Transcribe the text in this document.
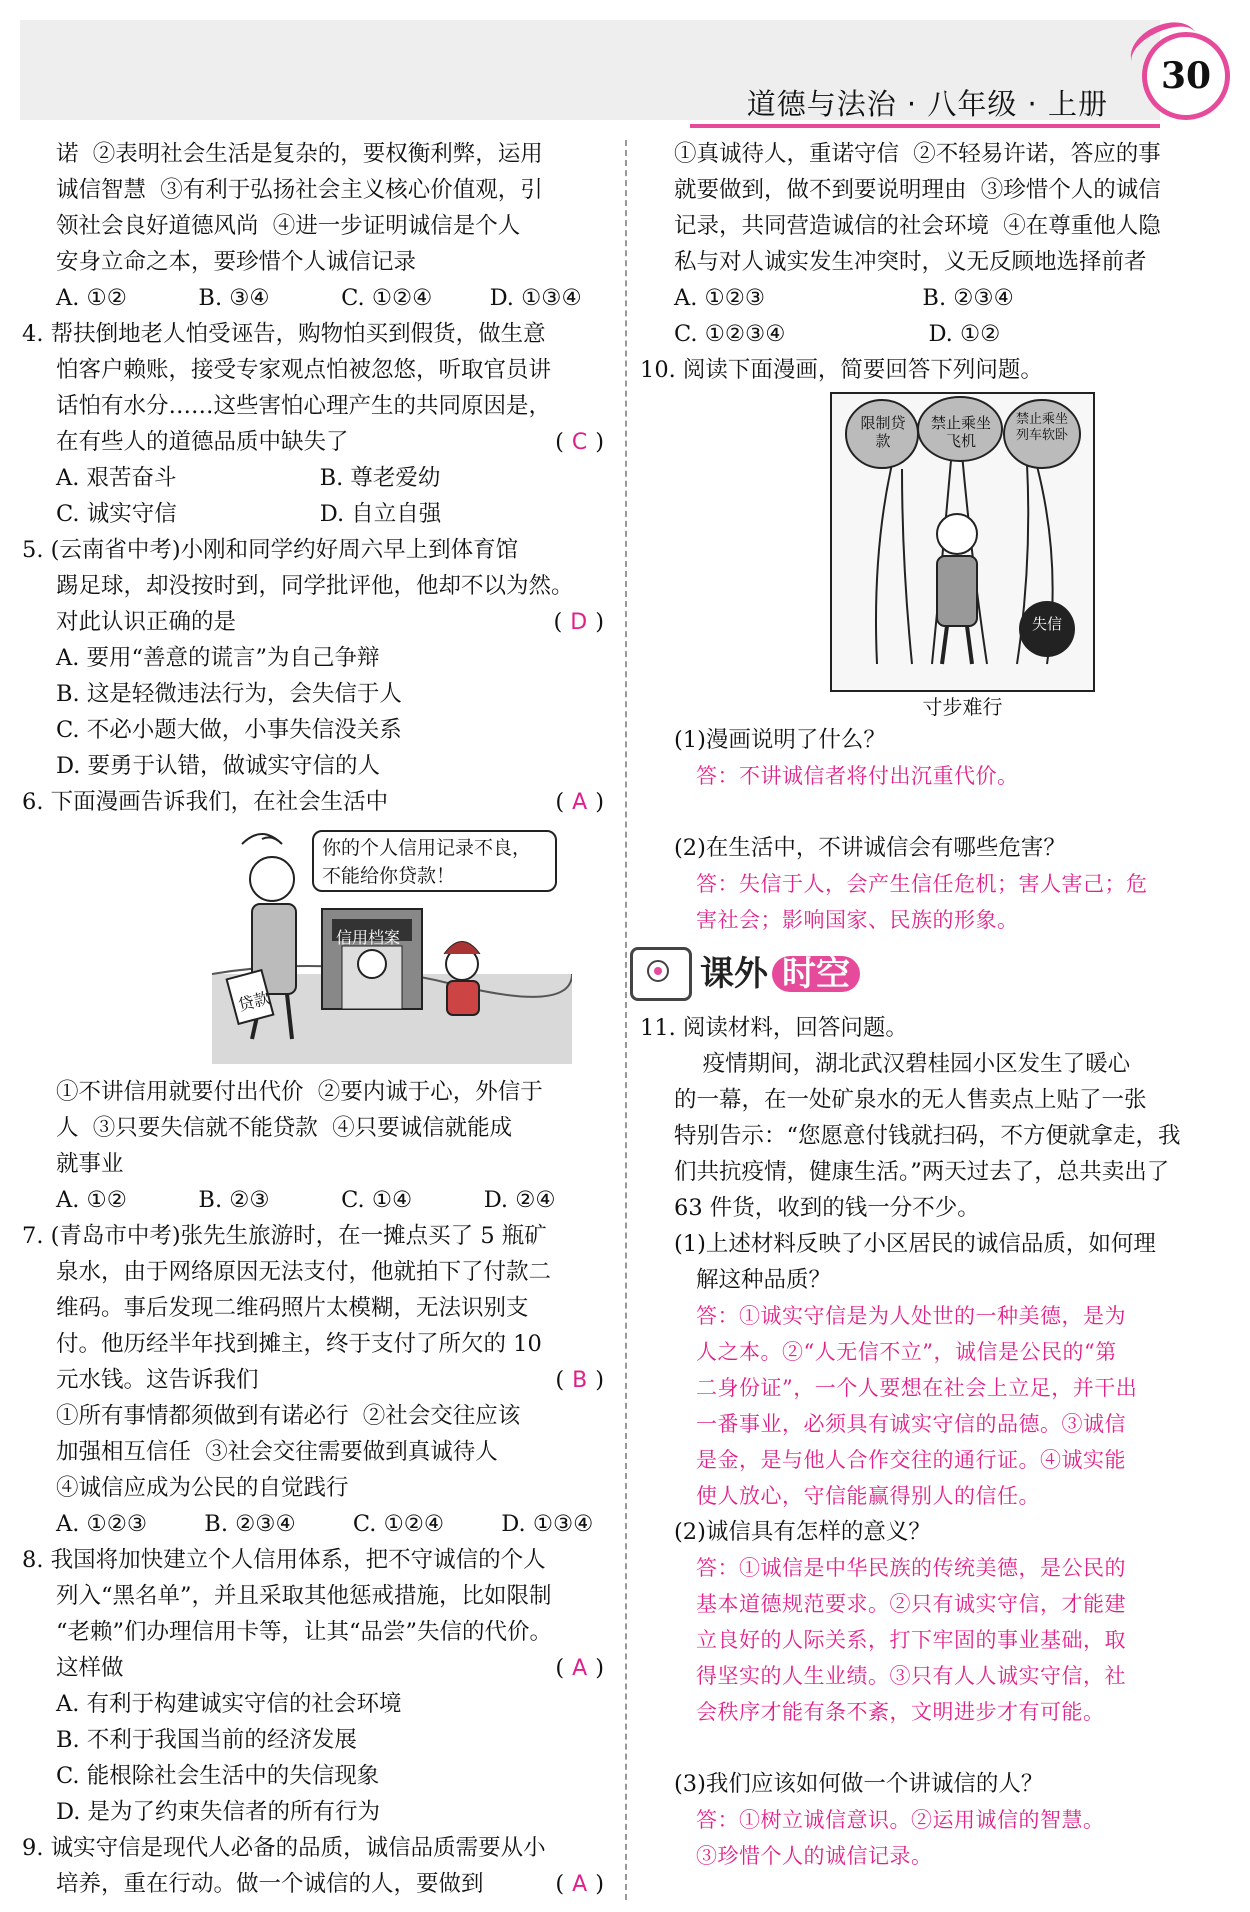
道德与法治 · 八年级 · 上册
30
诺  ②表明社会生活是复杂的，要权衡利弊，运用
诚信智慧  ③有利于弘扬社会主义核心价值观，引
领社会良好道德风尚  ④进一步证明诚信是个人
安身立命之本，要珍惜个人诚信记录
A. ①②          B. ③④          C. ①②④        D. ①③④
4. 帮扶倒地老人怕受诬告，购物怕买到假货，做生意
怕客户赖账，接受专家观点怕被忽悠，听取官员讲
话怕有水分……这些害怕心理产生的共同原因是，
在有些人的道德品质中缺失了	( C )
A. 艰苦奋斗                    B. 尊老爱幼
C. 诚实守信                    D. 自立自强
5. (云南省中考)小刚和同学约好周六早上到体育馆
踢足球，却没按时到，同学批评他，他却不以为然。
对此认识正确的是	( D )
A. 要用“善意的谎言”为自己争辩
B. 这是轻微违法行为，会失信于人
C. 不必小题大做，小事失信没关系
D. 要勇于认错，做诚实守信的人
6. 下面漫画告诉我们，在社会生活中	( A )
你的个人信用记录不良，不能给你贷款！
信用档案
贷款
①不讲信用就要付出代价  ②要内诚于心，外信于
人  ③只要失信就不能贷款  ④只要诚信就能成
就事业
A. ①②          B. ②③          C. ①④          D. ②④
7. (青岛市中考)张先生旅游时，在一摊点买了 5 瓶矿
泉水，由于网络原因无法支付，他就拍下了付款二
维码。事后发现二维码照片太模糊，无法识别支
付。他历经半年找到摊主，终于支付了所欠的 10
元水钱。这告诉我们	( B )
①所有事情都须做到有诺必行  ②社会交往应该
加强相互信任  ③社会交往需要做到真诚待人
④诚信应成为公民的自觉践行
A. ①②③        B. ②③④        C. ①②④        D. ①③④
8. 我国将加快建立个人信用体系，把不守诚信的个人
列入“黑名单”，并且采取其他惩戒措施，比如限制
“老赖”们办理信用卡等，让其“品尝”失信的代价。
这样做	( A )
A. 有利于构建诚实守信的社会环境
B. 不利于我国当前的经济发展
C. 能根除社会生活中的失信现象
D. 是为了约束失信者的所有行为
9. 诚实守信是现代人必备的品质，诚信品质需要从小
培养，重在行动。做一个诚信的人，要做到	( A )
①真诚待人，重诺守信  ②不轻易许诺，答应的事
就要做到，做不到要说明理由  ③珍惜个人的诚信
记录，共同营造诚信的社会环境  ④在尊重他人隐
私与对人诚实发生冲突时，义无反顾地选择前者
A. ①②③                      B. ②③④
C. ①②③④                    D. ①②
10. 阅读下面漫画，简要回答下列问题。
限制贷款
禁止乘坐飞机
禁止乘坐列车软卧
失信
寸步难行
(1)漫画说明了什么？
答：不讲诚信者将付出沉重代价。
(2)在生活中，不讲诚信会有哪些危害？
答：失信于人，会产生信任危机；害人害己；危
害社会；影响国家、民族的形象。
课外 时空
11. 阅读材料，回答问题。
疫情期间，湖北武汉碧桂园小区发生了暖心
的一幕，在一处矿泉水的无人售卖点上贴了一张
特别告示：“您愿意付钱就扫码，不方便就拿走，我
们共抗疫情，健康生活。”两天过去了，总共卖出了
63 件货，收到的钱一分不少。
(1)上述材料反映了小区居民的诚信品质，如何理
解这种品质？
答：①诚实守信是为人处世的一种美德，是为
人之本。②“人无信不立”，诚信是公民的“第
二身份证”，一个人要想在社会上立足，并干出
一番事业，必须具有诚实守信的品德。③诚信
是金，是与他人合作交往的通行证。④诚实能
使人放心，守信能赢得别人的信任。
(2)诚信具有怎样的意义？
答：①诚信是中华民族的传统美德，是公民的
基本道德规范要求。②只有诚实守信，才能建
立良好的人际关系，打下牢固的事业基础，取
得坚实的人生业绩。③只有人人诚实守信，社
会秩序才能有条不紊，文明进步才有可能。
(3)我们应该如何做一个讲诚信的人？
答：①树立诚信意识。②运用诚信的智慧。
③珍惜个人的诚信记录。
